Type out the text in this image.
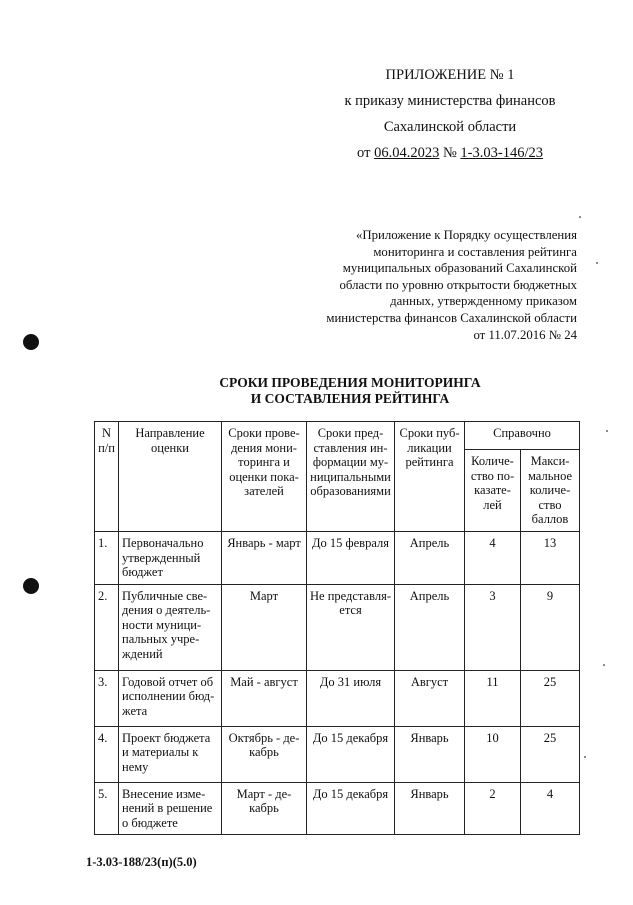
ПРИЛОЖЕНИЕ № 1
к приказу министерства финансов
Сахалинской области
от 06.04.2023 № 1-3.03-146/23
«Приложение к Порядку осуществления
мониторинга и составления рейтинга
муниципальных образований Сахалинской
области по уровню открытости бюджетных
данных, утвержденному приказом
министерства финансов Сахалинской области
от 11.07.2016 № 24
СРОКИ ПРОВЕДЕНИЯ МОНИТОРИНГА
И СОСТАВЛЕНИЯ РЕЙТИНГА
N п/п	Направление оценки	Сроки прове-дения мони-торинга и оценки пока-зателей	Сроки пред-ставления ин-формации му-ниципальными образованиями	Сроки пуб-ликации рейтинга	Справочно	
					Количе-ство по-казате-лей	Макси-мальное количе-ство баллов
1.	Первоначально утвержденный бюджет	Январь - март	До 15 февраля	Апрель	4	13
2.	Публичные све-дения о деятель-ности муници-пальных учре-ждений	Март	Не представля-ется	Апрель	3	9
3.	Годовой отчет об исполнении бюд-жета	Май - август	До 31 июля	Август	11	25
4.	Проект бюджета и материалы к нему	Октябрь - де-кабрь	До 15 декабря	Январь	10	25
5.	Внесение изме-нений в решение о бюджете	Март - де-кабрь	До 15 декабря	Январь	2	4
1-3.03-188/23(п)(5.0)
